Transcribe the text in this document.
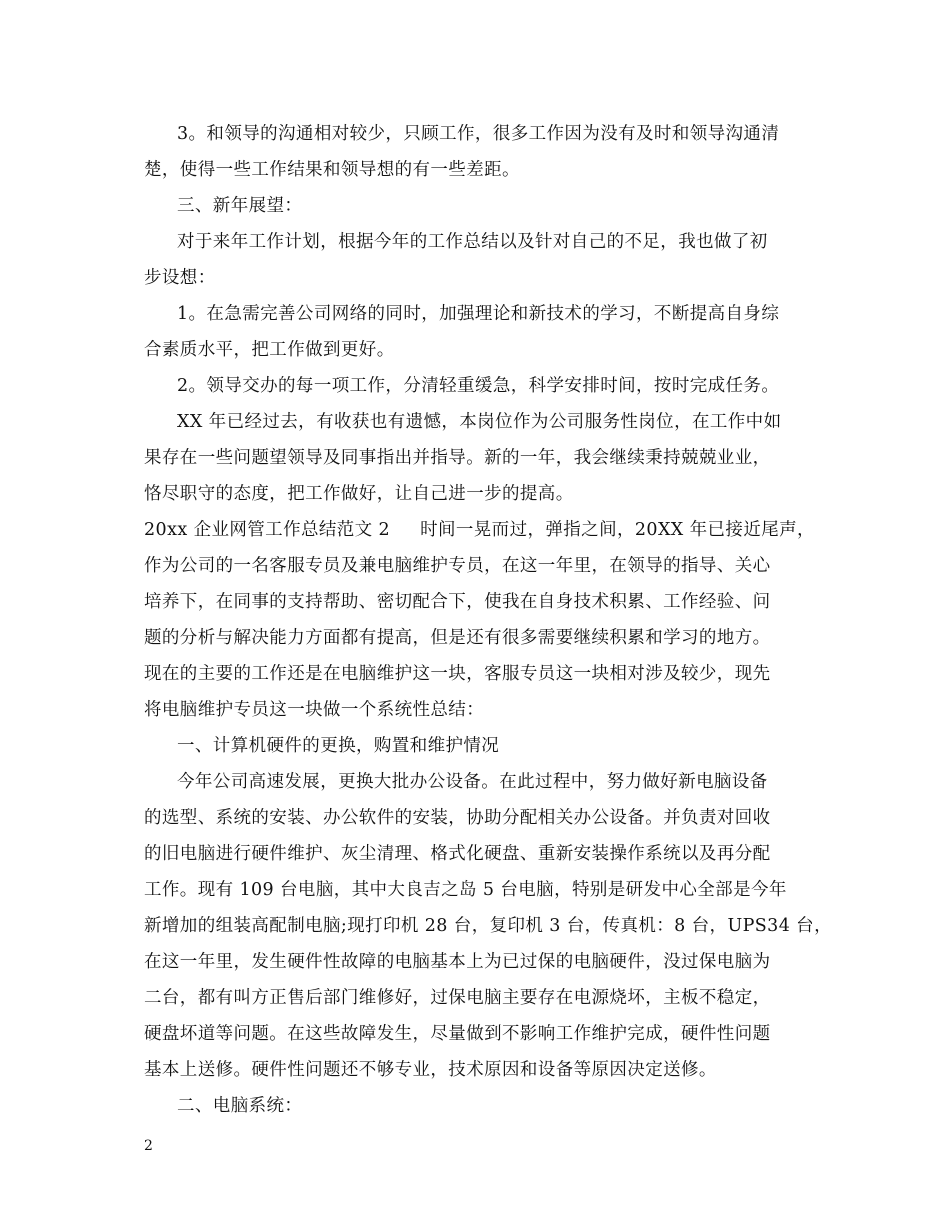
3。和领导的沟通相对较少，只顾工作，很多工作因为没有及时和领导沟通清
楚，使得一些工作结果和领导想的有一些差距。
三、新年展望：
对于来年工作计划，根据今年的工作总结以及针对自己的不足，我也做了初
步设想：
1。在急需完善公司网络的同时，加强理论和新技术的学习，不断提高自身综
合素质水平，把工作做到更好。
2。领导交办的每一项工作，分清轻重缓急，科学安排时间，按时完成任务。
XX 年已经过去，有收获也有遗憾，本岗位作为公司服务性岗位，在工作中如
果存在一些问题望领导及同事指出并指导。新的一年，我会继续秉持兢兢业业，
恪尽职守的态度，把工作做好，让自己进一步的提高。
20xx 企业网管工作总结范文 2 时间一晃而过，弹指之间，20XX 年已接近尾声，
作为公司的一名客服专员及兼电脑维护专员，在这一年里，在领导的指导、关心
培养下，在同事的支持帮助、密切配合下，使我在自身技术积累、工作经验、问
题的分析与解决能力方面都有提高，但是还有很多需要继续积累和学习的地方。
现在的主要的工作还是在电脑维护这一块，客服专员这一块相对涉及较少，现先
将电脑维护专员这一块做一个系统性总结：
一、计算机硬件的更换，购置和维护情况
今年公司高速发展，更换大批办公设备。在此过程中，努力做好新电脑设备
的选型、系统的安装、办公软件的安装，协助分配相关办公设备。并负责对回收
的旧电脑进行硬件维护、灰尘清理、格式化硬盘、重新安装操作系统以及再分配
工作。现有 109 台电脑，其中大良吉之岛 5 台电脑，特别是研发中心全部是今年
新增加的组装高配制电脑;现打印机 28 台，复印机 3 台，传真机：8 台，UPS34 台，
在这一年里，发生硬件性故障的电脑基本上为已过保的电脑硬件，没过保电脑为
二台，都有叫方正售后部门维修好，过保电脑主要存在电源烧坏，主板不稳定，
硬盘坏道等问题。在这些故障发生，尽量做到不影响工作维护完成，硬件性问题
基本上送修。硬件性问题还不够专业，技术原因和设备等原因决定送修。
二、电脑系统：
2
